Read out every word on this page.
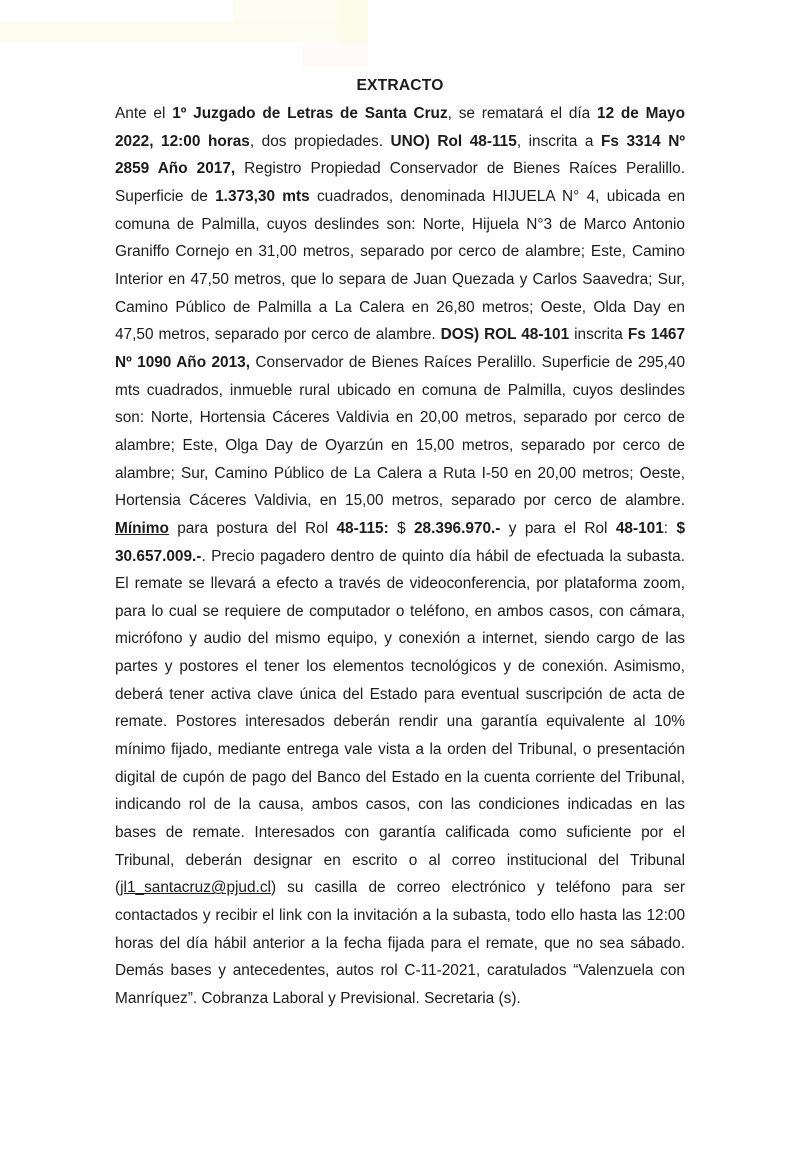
EXTRACTO

Ante el 1º Juzgado de Letras de Santa Cruz, se rematará el día 12 de Mayo 2022, 12:00 horas, dos propiedades. UNO) Rol 48-115, inscrita a Fs 3314 Nº 2859 Año 2017, Registro Propiedad Conservador de Bienes Raíces Peralillo. Superficie de 1.373,30 mts cuadrados, denominada HIJUELA N° 4, ubicada en comuna de Palmilla, cuyos deslindes son: Norte, Hijuela N°3 de Marco Antonio Graniffo Cornejo en 31,00 metros, separado por cerco de alambre; Este, Camino Interior en 47,50 metros, que lo separa de Juan Quezada y Carlos Saavedra; Sur, Camino Público de Palmilla a La Calera en 26,80 metros; Oeste, Olda Day en 47,50 metros, separado por cerco de alambre. DOS) ROL 48-101 inscrita Fs 1467 Nº 1090 Año 2013, Conservador de Bienes Raíces Peralillo. Superficie de 295,40 mts cuadrados, inmueble rural ubicado en comuna de Palmilla, cuyos deslindes son: Norte, Hortensia Cáceres Valdivia en 20,00 metros, separado por cerco de alambre; Este, Olga Day de Oyarzún en 15,00 metros, separado por cerco de alambre; Sur, Camino Público de La Calera a Ruta I-50 en 20,00 metros; Oeste, Hortensia Cáceres Valdivia, en 15,00 metros, separado por cerco de alambre. Mínimo para postura del Rol 48-115: $ 28.396.970.- y para el Rol 48-101: $ 30.657.009.-. Precio pagadero dentro de quinto día hábil de efectuada la subasta. El remate se llevará a efecto a través de videoconferencia, por plataforma zoom, para lo cual se requiere de computador o teléfono, en ambos casos, con cámara, micrófono y audio del mismo equipo, y conexión a internet, siendo cargo de las partes y postores el tener los elementos tecnológicos y de conexión. Asimismo, deberá tener activa clave única del Estado para eventual suscripción de acta de remate. Postores interesados deberán rendir una garantía equivalente al 10% mínimo fijado, mediante entrega vale vista a la orden del Tribunal, o presentación digital de cupón de pago del Banco del Estado en la cuenta corriente del Tribunal, indicando rol de la causa, ambos casos, con las condiciones indicadas en las bases de remate. Interesados con garantía calificada como suficiente por el Tribunal, deberán designar en escrito o al correo institucional del Tribunal (jl1_santacruz@pjud.cl) su casilla de correo electrónico y teléfono para ser contactados y recibir el link con la invitación a la subasta, todo ello hasta las 12:00 horas del día hábil anterior a la fecha fijada para el remate, que no sea sábado. Demás bases y antecedentes, autos rol C-11-2021, caratulados “Valenzuela con Manríquez”. Cobranza Laboral y Previsional. Secretaria (s).
